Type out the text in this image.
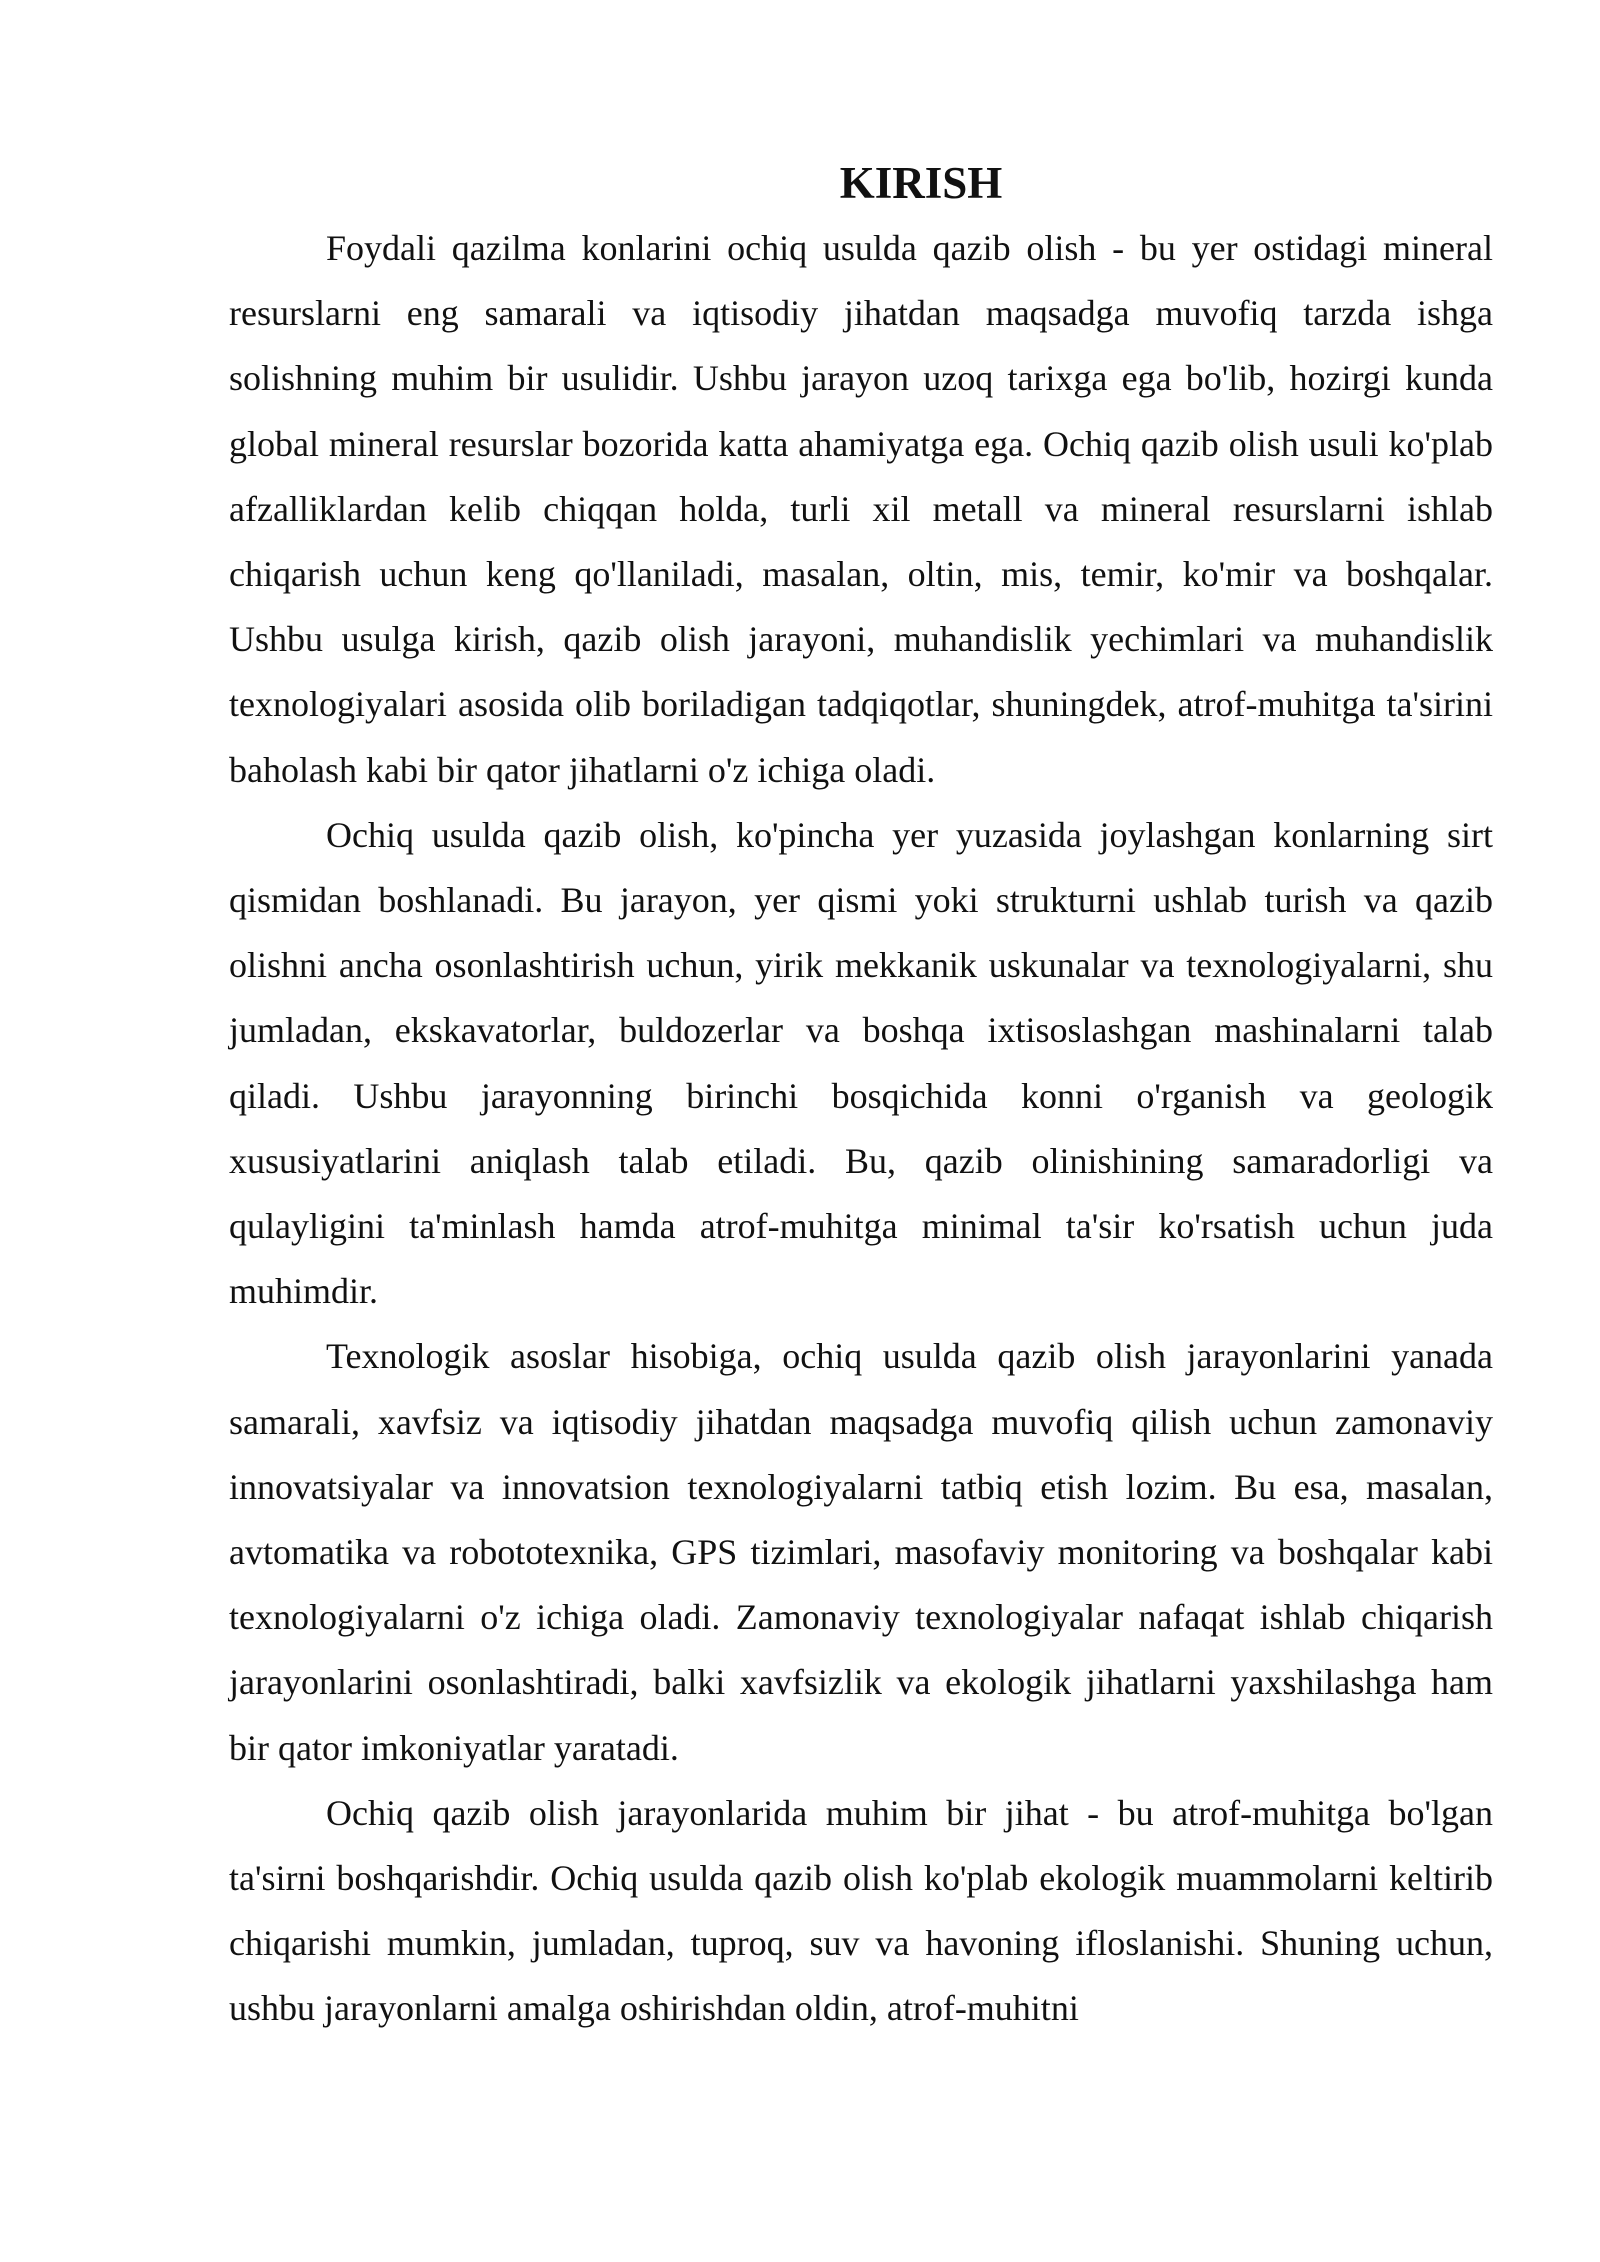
KIRISH

Foydali qazilma konlarini ochiq usulda qazib olish - bu yer ostidagi mineral resurslarni eng samarali va iqtisodiy jihatdan maqsadga muvofiq tarzda ishga solishning muhim bir usulidir. Ushbu jarayon uzoq tarixga ega bo'lib, hozirgi kunda global mineral resurslar bozorida katta ahamiyatga ega. Ochiq qazib olish usuli ko'plab afzalliklardan kelib chiqqan holda, turli xil metall va mineral resurslarni ishlab chiqarish uchun keng qo'llaniladi, masalan, oltin, mis, temir, ko'mir va boshqalar. Ushbu usulga kirish, qazib olish jarayoni, muhandislik yechimlari va muhandislik texnologiyalari asosida olib boriladigan tadqiqotlar, shuningdek, atrof-muhitga ta'sirini baholash kabi bir qator jihatlarni o'z ichiga oladi.

Ochiq usulda qazib olish, ko'pincha yer yuzasida joylashgan konlarning sirt qismidan boshlanadi. Bu jarayon, yer qismi yoki strukturni ushlab turish va qazib olishni ancha osonlashtirish uchun, yirik mekkanik uskunalar va texnologiyalarni, shu jumladan, ekskavatorlar, buldozerlar va boshqa ixtisoslashgan mashinalarni talab qiladi. Ushbu jarayonning birinchi bosqichida konni o'rganish va geologik xususiyatlarini aniqlash talab etiladi. Bu, qazib olinishining samaradorligi va qulayligini ta'minlash hamda atrof-muhitga minimal ta'sir ko'rsatish uchun juda muhimdir.

Texnologik asoslar hisobiga, ochiq usulda qazib olish jarayonlarini yanada samarali, xavfsiz va iqtisodiy jihatdan maqsadga muvofiq qilish uchun zamonaviy innovatsiyalar va innovatsion texnologiyalarni tatbiq etish lozim. Bu esa, masalan, avtomatika va robototexnika, GPS tizimlari, masofaviy monitoring va boshqalar kabi texnologiyalarni o'z ichiga oladi. Zamonaviy texnologiyalar nafaqat ishlab chiqarish jarayonlarini osonlashtiradi, balki xavfsizlik va ekologik jihatlarni yaxshilashga ham bir qator imkoniyatlar yaratadi.

Ochiq qazib olish jarayonlarida muhim bir jihat - bu atrof-muhitga bo'lgan ta'sirni boshqarishdir. Ochiq usulda qazib olish ko'plab ekologik muammolarni keltirib chiqarishi mumkin, jumladan, tuproq, suv va havoning ifloslanishi. Shuning uchun, ushbu jarayonlarni amalga oshirishdan oldin, atrof-muhitni
